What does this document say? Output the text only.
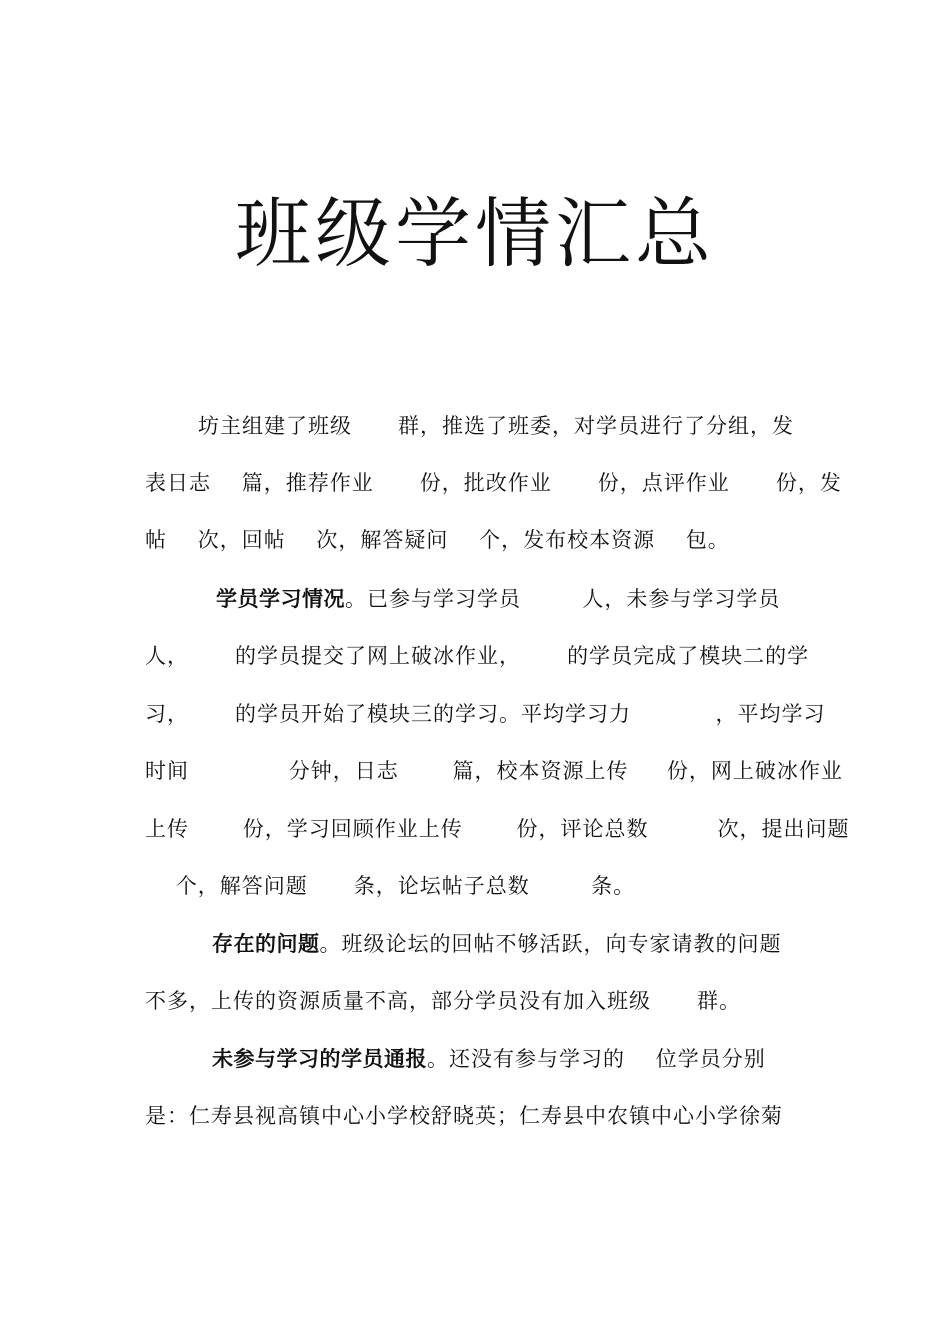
班级学情汇总
坊主组建了班级      群，推选了班委，对学员进行了分组，发
表日志    篇，推荐作业      份，批改作业      份，点评作业      份，发
帖    次，回帖    次，解答疑问    个，发布校本资源    包。
学员学习情况。已参与学习学员        人，未参与学习学员
人，      的学员提交了网上破冰作业，      的学员完成了模块二的学
习，      的学员开始了模块三的学习。平均学习力           ，平均学习
时间             分钟，日志       篇，校本资源上传     份，网上破冰作业
上传       份，学习回顾作业上传       份，评论总数         次，提出问题
个，解答问题      条，论坛帖子总数        条。
存在的问题。班级论坛的回帖不够活跃，向专家请教的问题
不多，上传的资源质量不高，部分学员没有加入班级      群。
未参与学习的学员通报。还没有参与学习的    位学员分别
是：仁寿县视高镇中心小学校舒晓英；仁寿县中农镇中心小学徐菊
